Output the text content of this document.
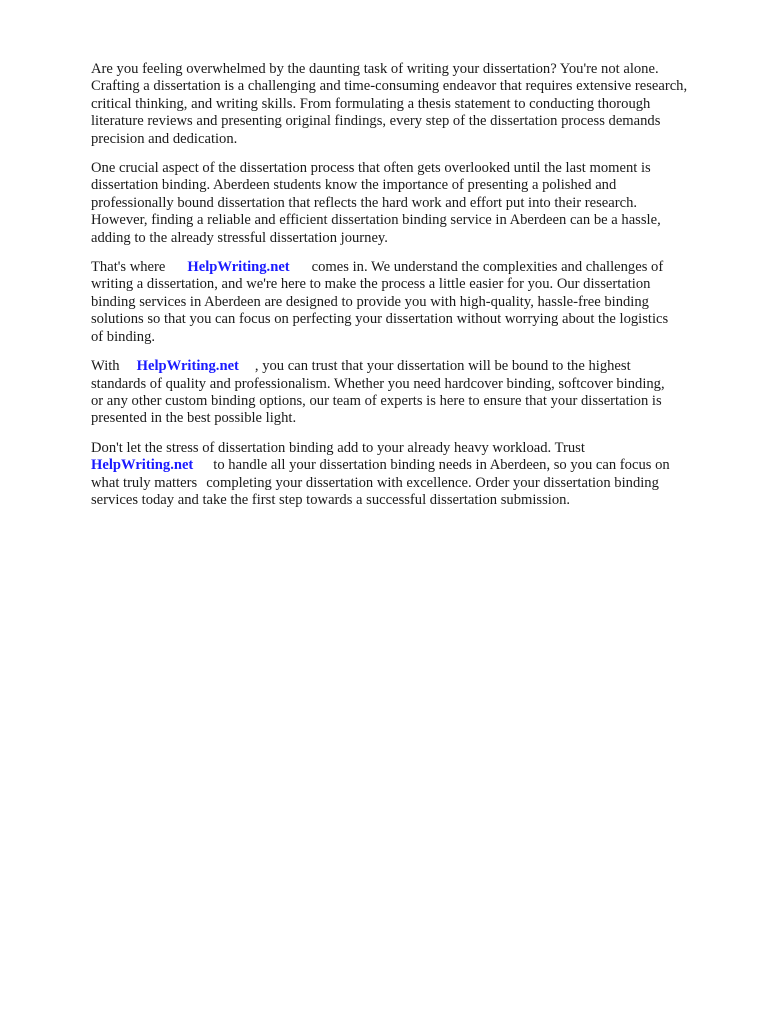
Are you feeling overwhelmed by the daunting task of writing your dissertation? You're not alone.
Crafting a dissertation is a challenging and time-consuming endeavor that requires extensive research,
critical thinking, and writing skills. From formulating a thesis statement to conducting thorough
literature reviews and presenting original findings, every step of the dissertation process demands
precision and dedication.
One crucial aspect of the dissertation process that often gets overlooked until the last moment is
dissertation binding. Aberdeen students know the importance of presenting a polished and
professionally bound dissertation that reflects the hard work and effort put into their research.
However, finding a reliable and efficient dissertation binding service in Aberdeen can be a hassle,
adding to the already stressful dissertation journey.
That's where HelpWriting.net comes in. We understand the complexities and challenges of
writing a dissertation, and we're here to make the process a little easier for you. Our dissertation
binding services in Aberdeen are designed to provide you with high-quality, hassle-free binding
solutions so that you can focus on perfecting your dissertation without worrying about the logistics
of binding.
With HelpWriting.net , you can trust that your dissertation will be bound to the highest
standards of quality and professionalism. Whether you need hardcover binding, softcover binding,
or any other custom binding options, our team of experts is here to ensure that your dissertation is
presented in the best possible light.
Don't let the stress of dissertation binding add to your already heavy workload. Trust
HelpWriting.net to handle all your dissertation binding needs in Aberdeen, so you can focus on
what truly matters completing your dissertation with excellence. Order your dissertation binding
services today and take the first step towards a successful dissertation submission.
